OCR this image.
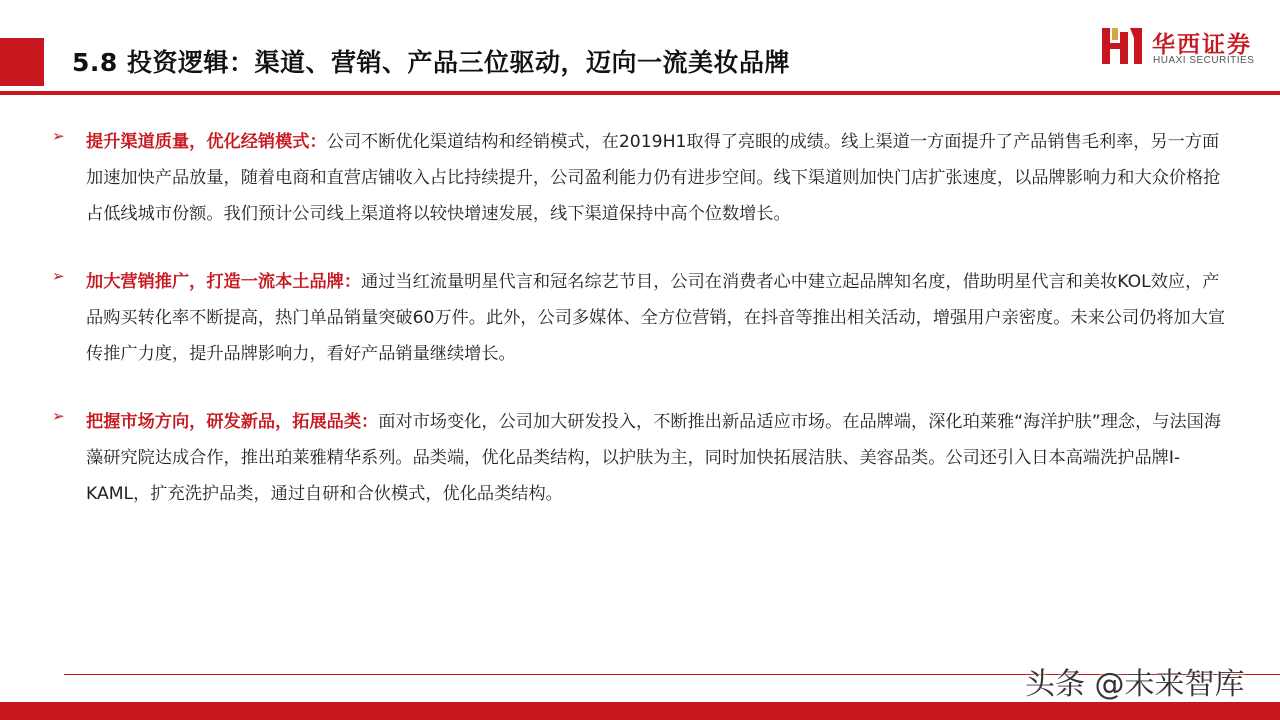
5.8 投资逻辑：渠道、营销、产品三位驱动，迈向一流美妆品牌
华西证券
HUAXI SECURITIES
➢ 提升渠道质量，优化经销模式：公司不断优化渠道结构和经销模式，在2019H1取得了亮眼的成绩。线上渠道一方面提升了产品销售毛利率，另一方面加速加快产品放量，随着电商和直营店铺收入占比持续提升，公司盈利能力仍有进步空间。线下渠道则加快门店扩张速度，以品牌影响力和大众价格抢占低线城市份额。我们预计公司线上渠道将以较快增速发展，线下渠道保持中高个位数增长。
➢ 加大营销推广，打造一流本土品牌：通过当红流量明星代言和冠名综艺节目，公司在消费者心中建立起品牌知名度，借助明星代言和美妆KOL效应，产品购买转化率不断提高，热门单品销量突破60万件。此外，公司多媒体、全方位营销，在抖音等推出相关活动，增强用户亲密度。未来公司仍将加大宣传推广力度，提升品牌影响力，看好产品销量继续增长。
➢ 把握市场方向，研发新品，拓展品类：面对市场变化，公司加大研发投入，不断推出新品适应市场。在品牌端，深化珀莱雅“海洋护肤”理念，与法国海藻研究院达成合作，推出珀莱雅精华系列。品类端，优化品类结构，以护肤为主，同时加快拓展洁肤、美容品类。公司还引入日本高端洗护品牌I-KAML，扩充洗护品类，通过自研和合伙模式，优化品类结构。
头条 @未来智库
